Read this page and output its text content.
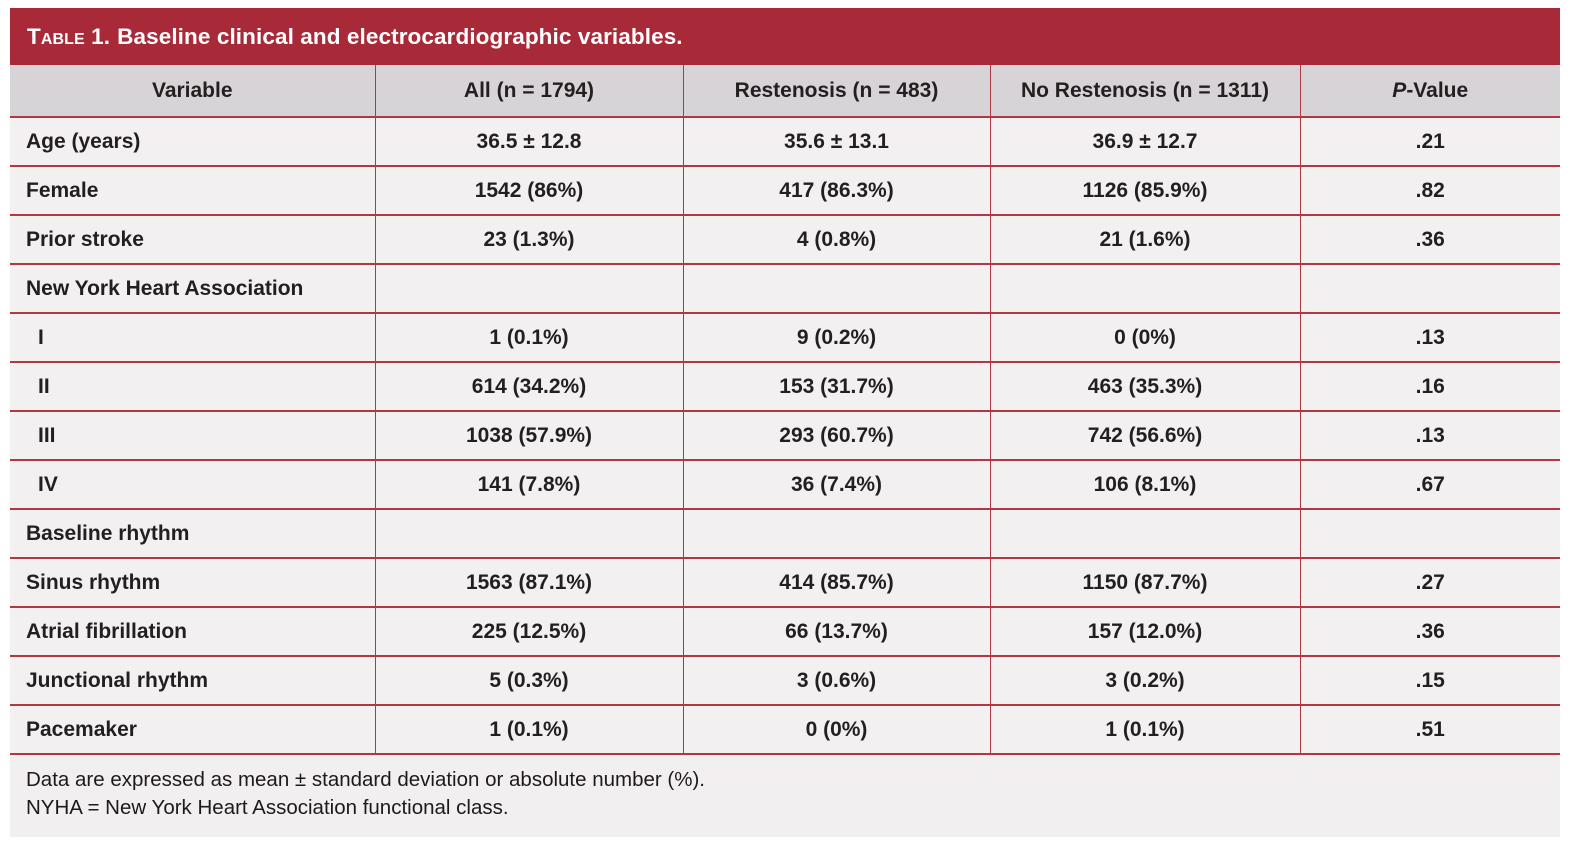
Table 1. Baseline clinical and electrocardiographic variables.
Variable	All (n = 1794)	Restenosis (n = 483)	No Restenosis (n = 1311)	P-Value
Age (years)	36.5 ± 12.8	35.6 ± 13.1	36.9 ± 12.7	.21
Female	1542 (86%)	417 (86.3%)	1126 (85.9%)	.82
Prior stroke	23 (1.3%)	4 (0.8%)	21 (1.6%)	.36
New York Heart Association				
I	1 (0.1%)	9 (0.2%)	0 (0%)	.13
II	614 (34.2%)	153 (31.7%)	463 (35.3%)	.16
III	1038 (57.9%)	293 (60.7%)	742 (56.6%)	.13
IV	141 (7.8%)	36 (7.4%)	106 (8.1%)	.67
Baseline rhythm				
Sinus rhythm	1563 (87.1%)	414 (85.7%)	1150 (87.7%)	.27
Atrial fibrillation	225 (12.5%)	66 (13.7%)	157 (12.0%)	.36
Junctional rhythm	5 (0.3%)	3 (0.6%)	3 (0.2%)	.15
Pacemaker	1 (0.1%)	0 (0%)	1 (0.1%)	.51
Data are expressed as mean ± standard deviation or absolute number (%).
NYHA = New York Heart Association functional class.
